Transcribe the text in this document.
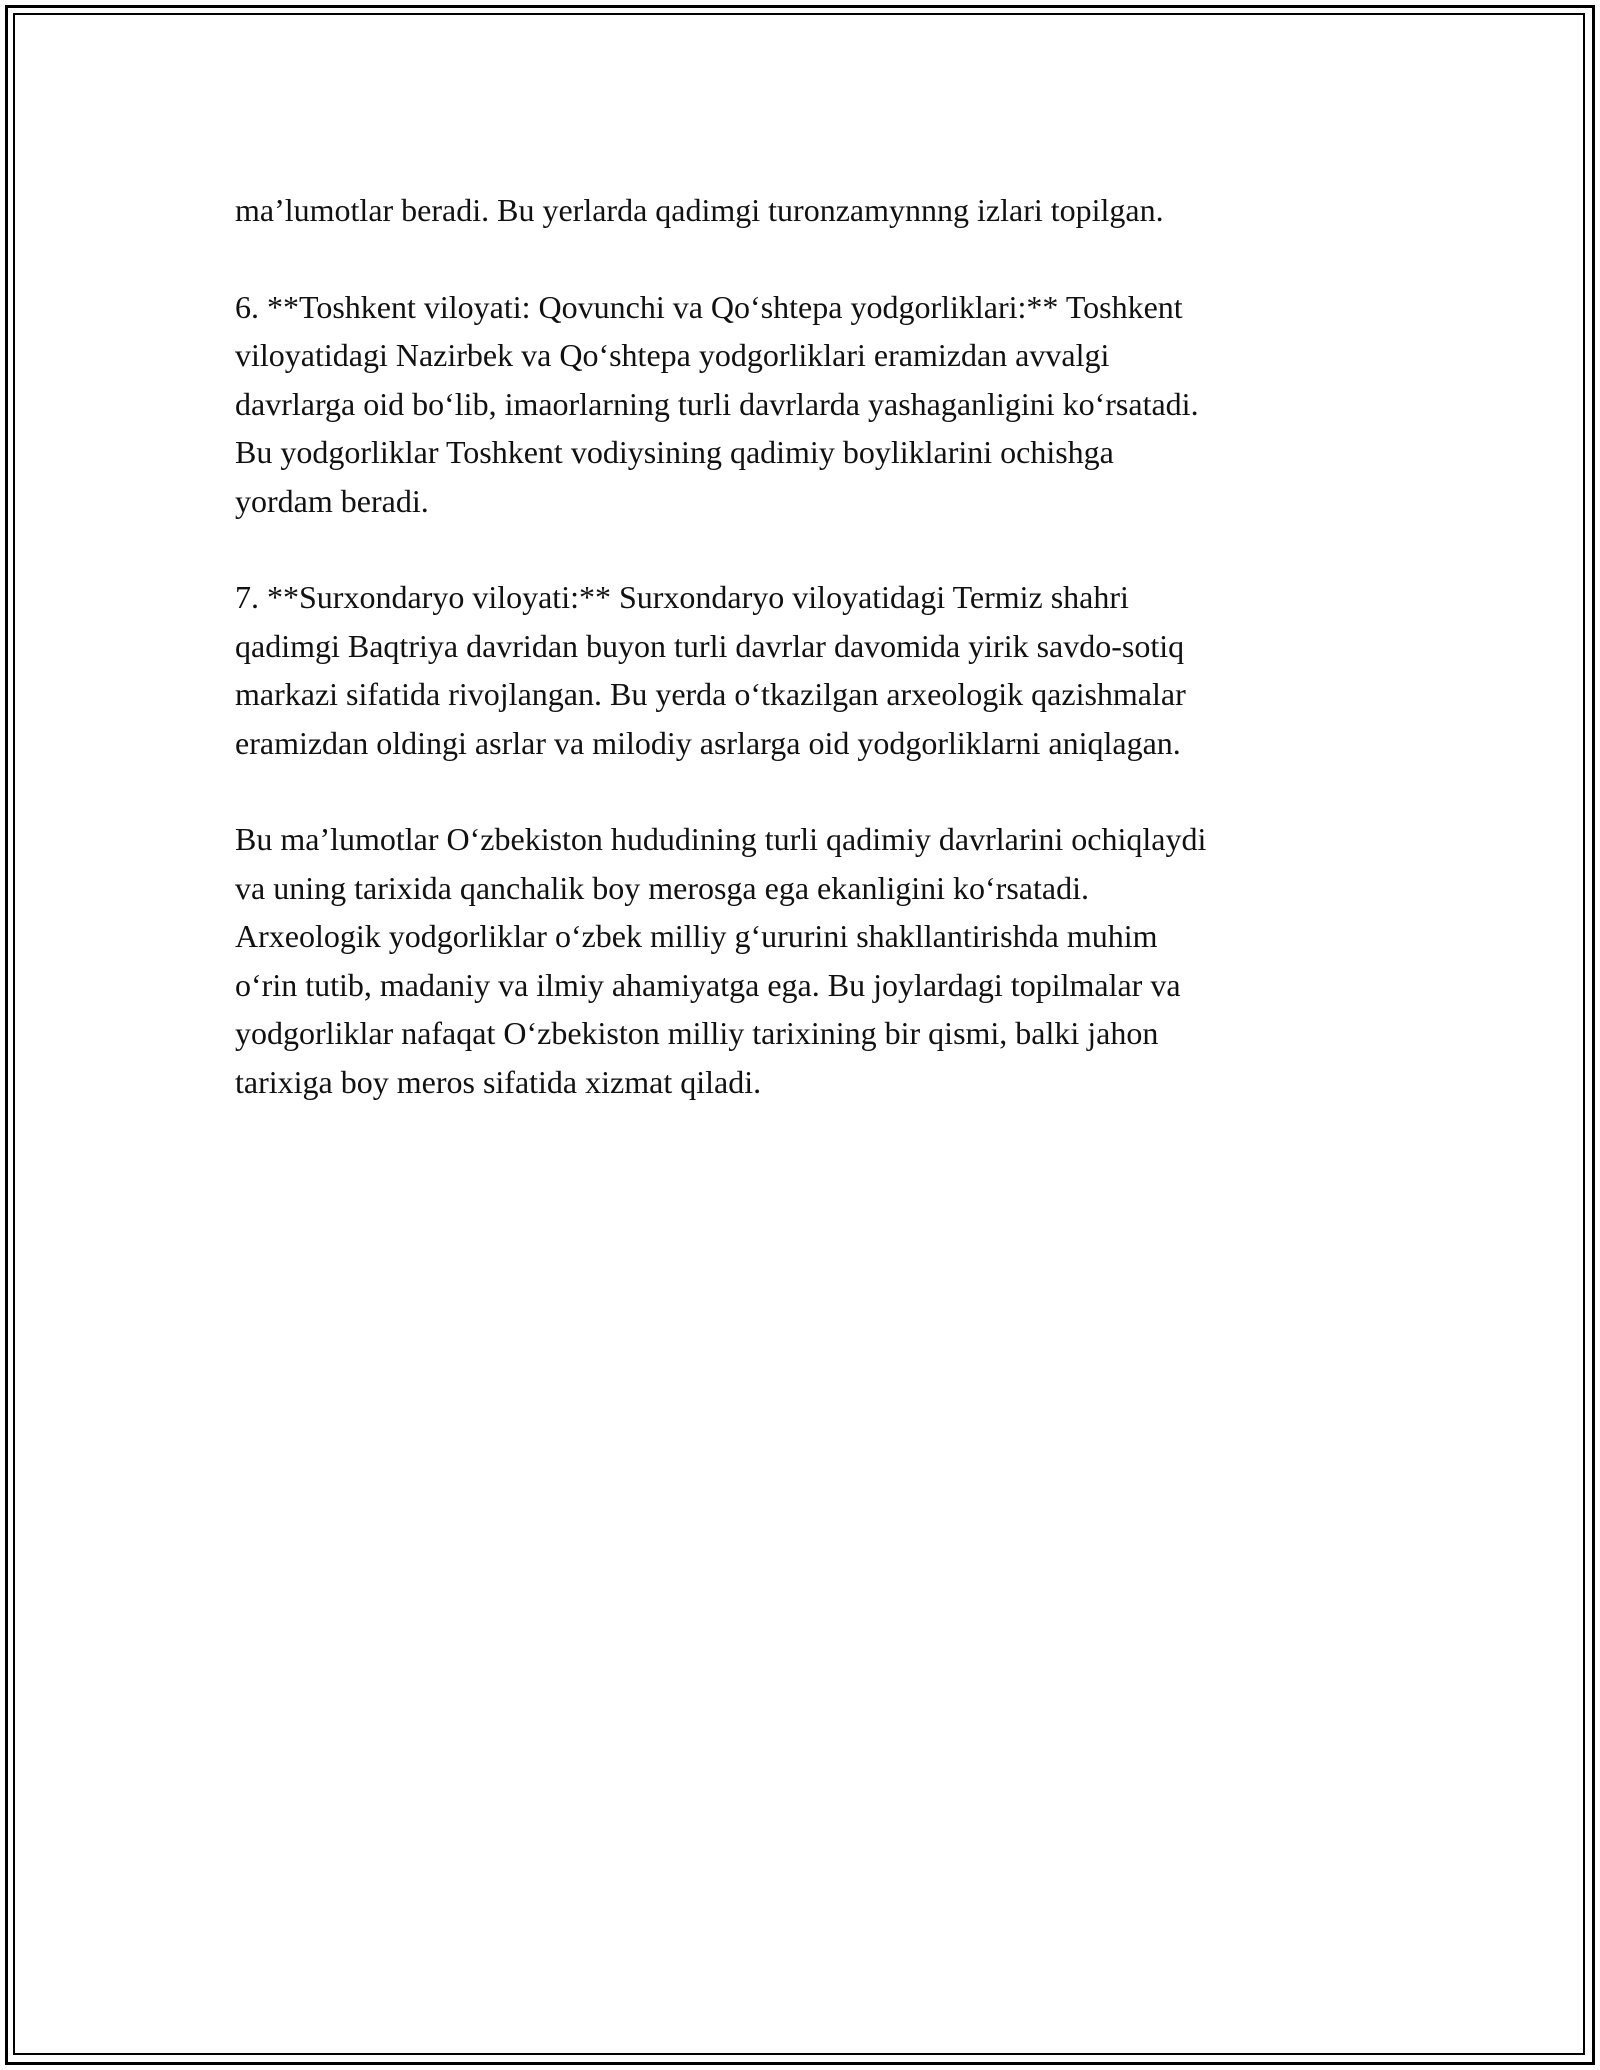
ma’lumotlar beradi. Bu yerlarda qadimgi turonzamynnng izlari topilgan.

6. **Toshkent viloyati: Qovunchi va Qo‘shtepa yodgorliklari:** Toshkent
viloyatidagi Nazirbek va Qo‘shtepa yodgorliklari eramizdan avvalgi
davrlarga oid bo‘lib, imaorlarning turli davrlarda yashaganligini ko‘rsatadi.
Bu yodgorliklar Toshkent vodiysining qadimiy boyliklarini ochishga
yordam beradi.

7. **Surxondaryo viloyati:** Surxondaryo viloyatidagi Termiz shahri
qadimgi Baqtriya davridan buyon turli davrlar davomida yirik savdo-sotiq
markazi sifatida rivojlangan. Bu yerda o‘tkazilgan arxeologik qazishmalar
eramizdan oldingi asrlar va milodiy asrlarga oid yodgorliklarni aniqlagan.

Bu ma’lumotlar O‘zbekiston hududining turli qadimiy davrlarini ochiqlaydi
va uning tarixida qanchalik boy merosga ega ekanligini ko‘rsatadi.
Arxeologik yodgorliklar o‘zbek milliy g‘ururini shakllantirishda muhim
o‘rin tutib, madaniy va ilmiy ahamiyatga ega. Bu joylardagi topilmalar va
yodgorliklar nafaqat O‘zbekiston milliy tarixining bir qismi, balki jahon
tarixiga boy meros sifatida xizmat qiladi.
